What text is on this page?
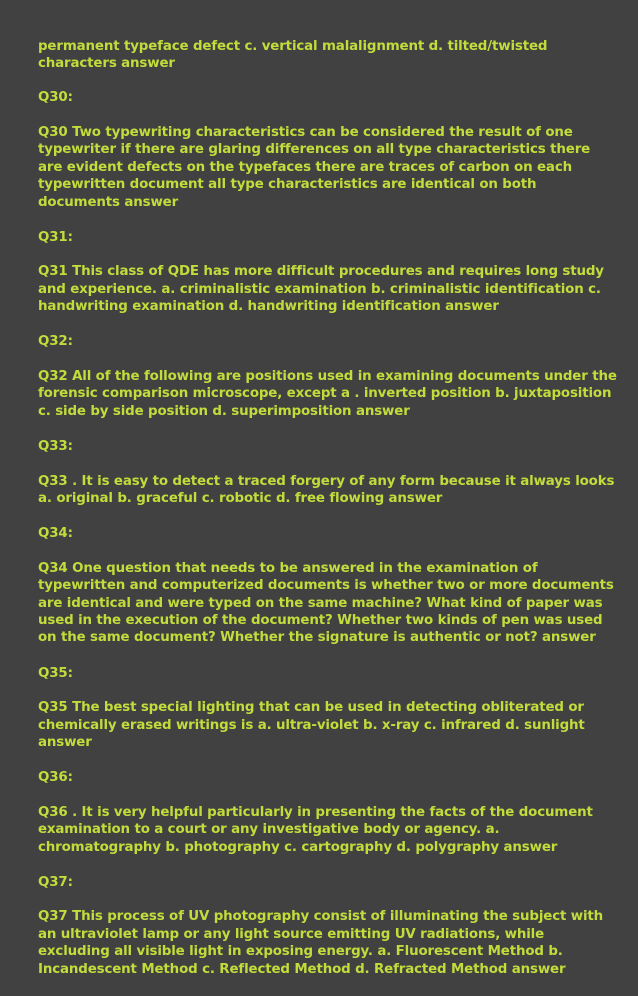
permanent typeface defect c. vertical malalignment d. tilted/twisted characters answer

Q30:

Q30 Two typewriting characteristics can be considered the result of one typewriter if there are glaring differences on all type characteristics there are evident defects on the typefaces there are traces of carbon on each typewritten document all type characteristics are identical on both documents answer

Q31:

Q31 This class of QDE has more difficult procedures and requires long study and experience. a. criminalistic examination b. criminalistic identification c. handwriting examination d. handwriting identification answer

Q32:

Q32 All of the following are positions used in examining documents under the forensic comparison microscope, except a . inverted position b. juxtaposition c. side by side position d. superimposition answer

Q33:

Q33 . It is easy to detect a traced forgery of any form because it always looks a. original b. graceful c. robotic d. free flowing answer

Q34:

Q34 One question that needs to be answered in the examination of typewritten and computerized documents is whether two or more documents are identical and were typed on the same machine? What kind of paper was used in the execution of the document? Whether two kinds of pen was used on the same document? Whether the signature is authentic or not? answer

Q35:

Q35 The best special lighting that can be used in detecting obliterated or chemically erased writings is a. ultra-violet b. x-ray c. infrared d. sunlight answer

Q36:

Q36 . It is very helpful particularly in presenting the facts of the document examination to a court or any investigative body or agency. a. chromatography b. photography c. cartography d. polygraphy answer

Q37:

Q37 This process of UV photography consist of illuminating the subject with an ultraviolet lamp or any light source emitting UV radiations, while excluding all visible light in exposing energy. a. Fluorescent Method b. Incandescent Method c. Reflected Method d. Refracted Method answer
